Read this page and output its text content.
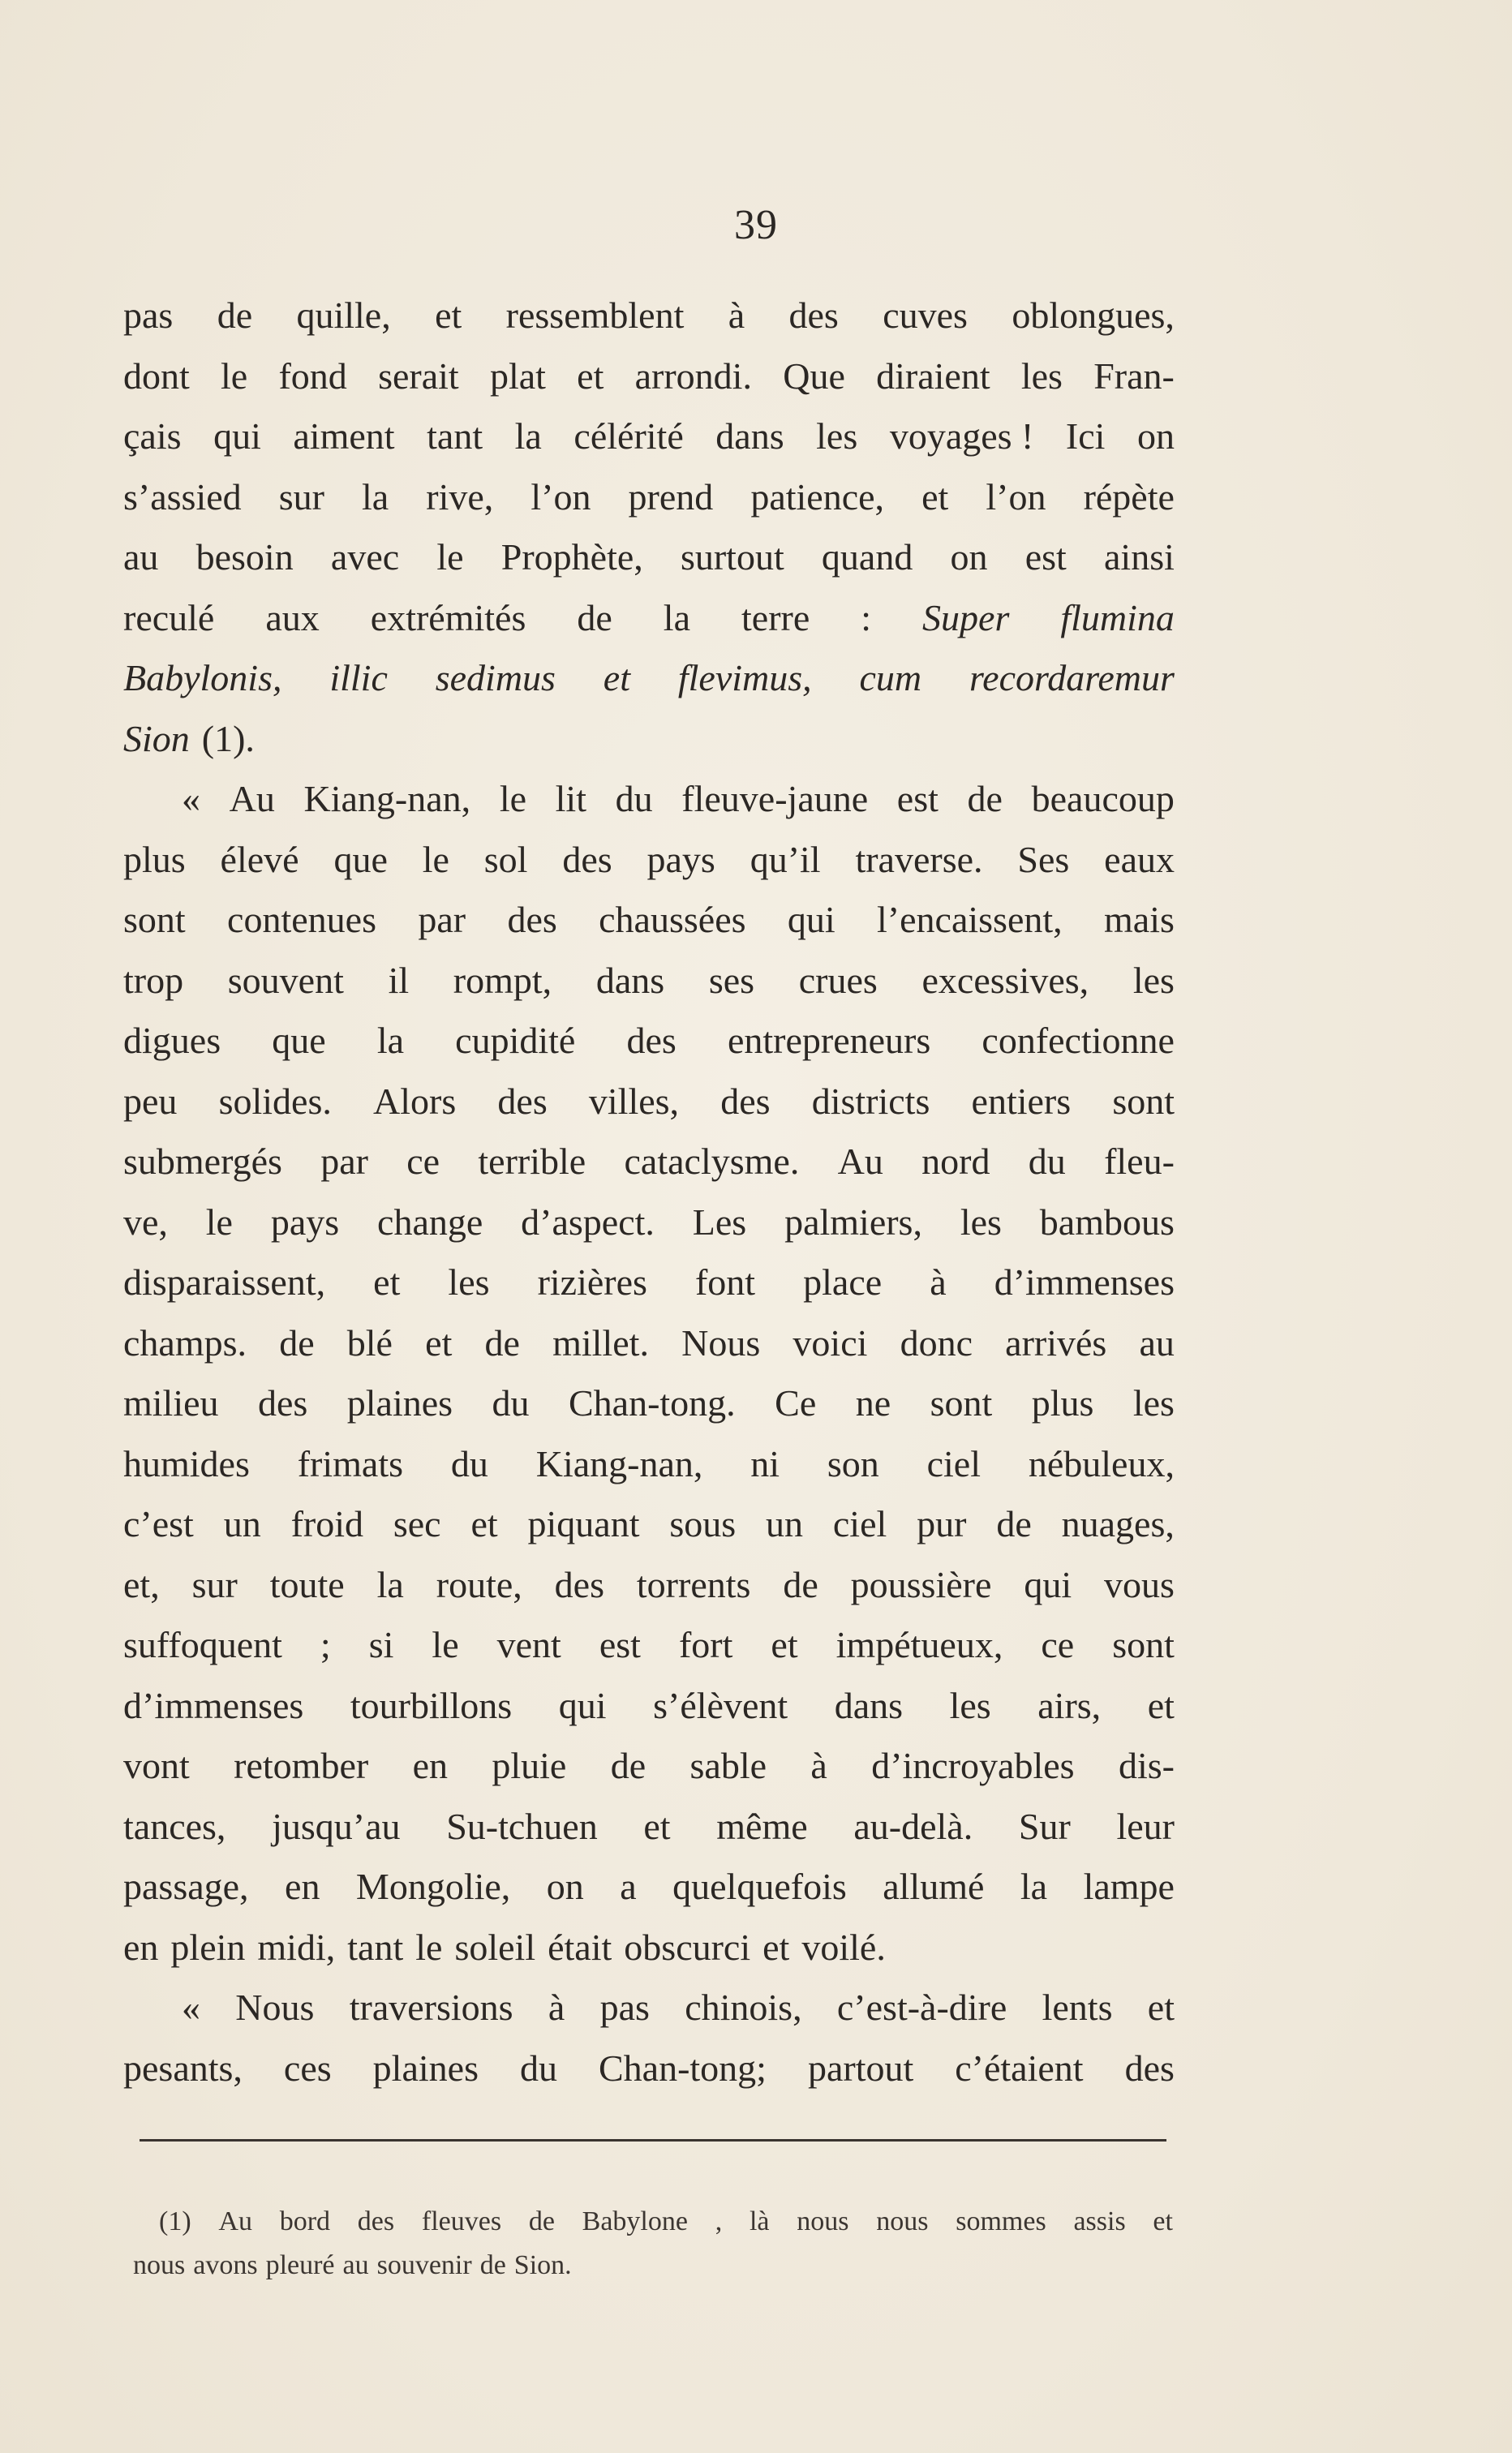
39
pas de quille, et ressemblent à des cuves oblongues,
dont le fond serait plat et arrondi. Que diraient les Fran-
çais qui aiment tant la célérité dans les voyages ! Ici on
s’assied sur la rive, l’on prend patience, et l’on répète
au besoin avec le Prophète, surtout quand on est ainsi
reculé aux extrémités de la terre : Super flumina
Babylonis, illic sedimus et flevimus, cum recordaremur
Sion (1).
« Au Kiang-nan, le lit du fleuve-jaune est de beaucoup
plus élevé que le sol des pays qu’il traverse. Ses eaux
sont contenues par des chaussées qui l’encaissent, mais
trop souvent il rompt, dans ses crues excessives, les
digues que la cupidité des entrepreneurs confectionne
peu solides. Alors des villes, des districts entiers sont
submergés par ce terrible cataclysme. Au nord du fleu-
ve, le pays change d’aspect. Les palmiers, les bambous
disparaissent, et les rizières font place à d’immenses
champs. de blé et de millet. Nous voici donc arrivés au
milieu des plaines du Chan-tong. Ce ne sont plus les
humides frimats du Kiang-nan, ni son ciel nébuleux,
c’est un froid sec et piquant sous un ciel pur de nuages,
et, sur toute la route, des torrents de poussière qui vous
suffoquent ; si le vent est fort et impétueux, ce sont
d’immenses tourbillons qui s’élèvent dans les airs, et
vont retomber en pluie de sable à d’incroyables dis-
tances, jusqu’au Su-tchuen et même au-delà. Sur leur
passage, en Mongolie, on a quelquefois allumé la lampe
en plein midi, tant le soleil était obscurci et voilé.
« Nous traversions à pas chinois, c’est-à-dire lents et
pesants, ces plaines du Chan-tong; partout c’étaient des
(1) Au bord des fleuves de Babylone , là nous nous sommes assis et
nous avons pleuré au souvenir de Sion.
